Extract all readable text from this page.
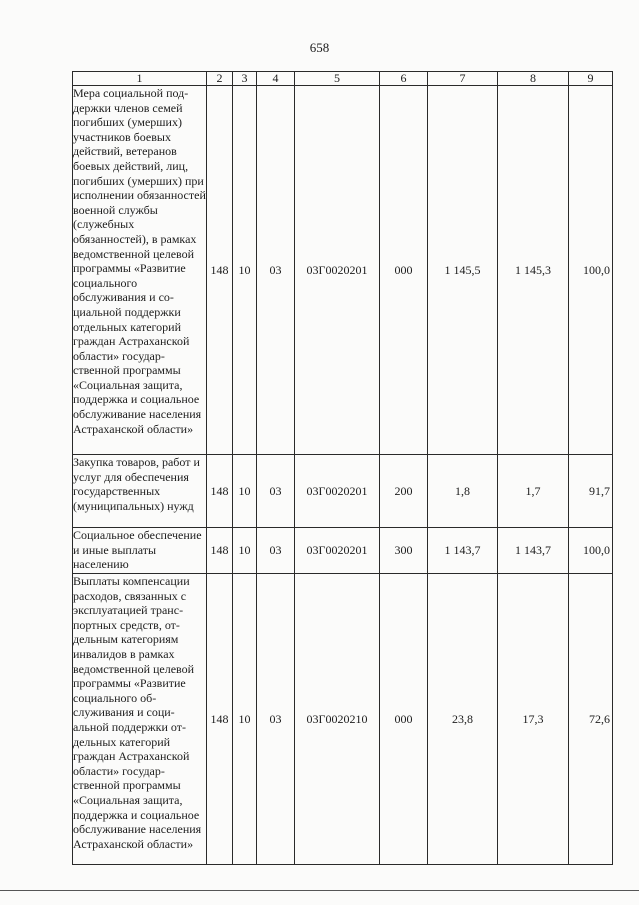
658
1	2	3	4	5	6	7	8	9
Мера социальной поддержки членов семей погибших (умерших) участников боевых действий, ветеранов боевых действий, лиц, погибших (умерших) при исполнении обязанностей военной службы (служебных обязанностей), в рамках ведомственной целевой программы «Развитие социального обслуживания и социальной поддержки отдельных категорий граждан Астраханской области» государственной программы «Социальная защита, поддержка и социальное обслуживание населения Астраханской области»	148	10	03	03Г0020201	000	1 145,5	1 145,3	100,0
Закупка товаров, работ и услуг для обеспечения государственных (муниципальных) нужд	148	10	03	03Г0020201	200	1,8	1,7	91,7
Социальное обеспечение и иные выплаты населению	148	10	03	03Г0020201	300	1 143,7	1 143,7	100,0
Выплаты компенсации расходов, связанных с эксплуатацией транспортных средств, отдельным категориям инвалидов в рамках ведомственной целевой программы «Развитие социального обслуживания и социальной поддержки отдельных категорий граждан Астраханской области» государственной программы «Социальная защита, поддержка и социальное обслуживание населения Астраханской области»	148	10	03	03Г0020210	000	23,8	17,3	72,6
